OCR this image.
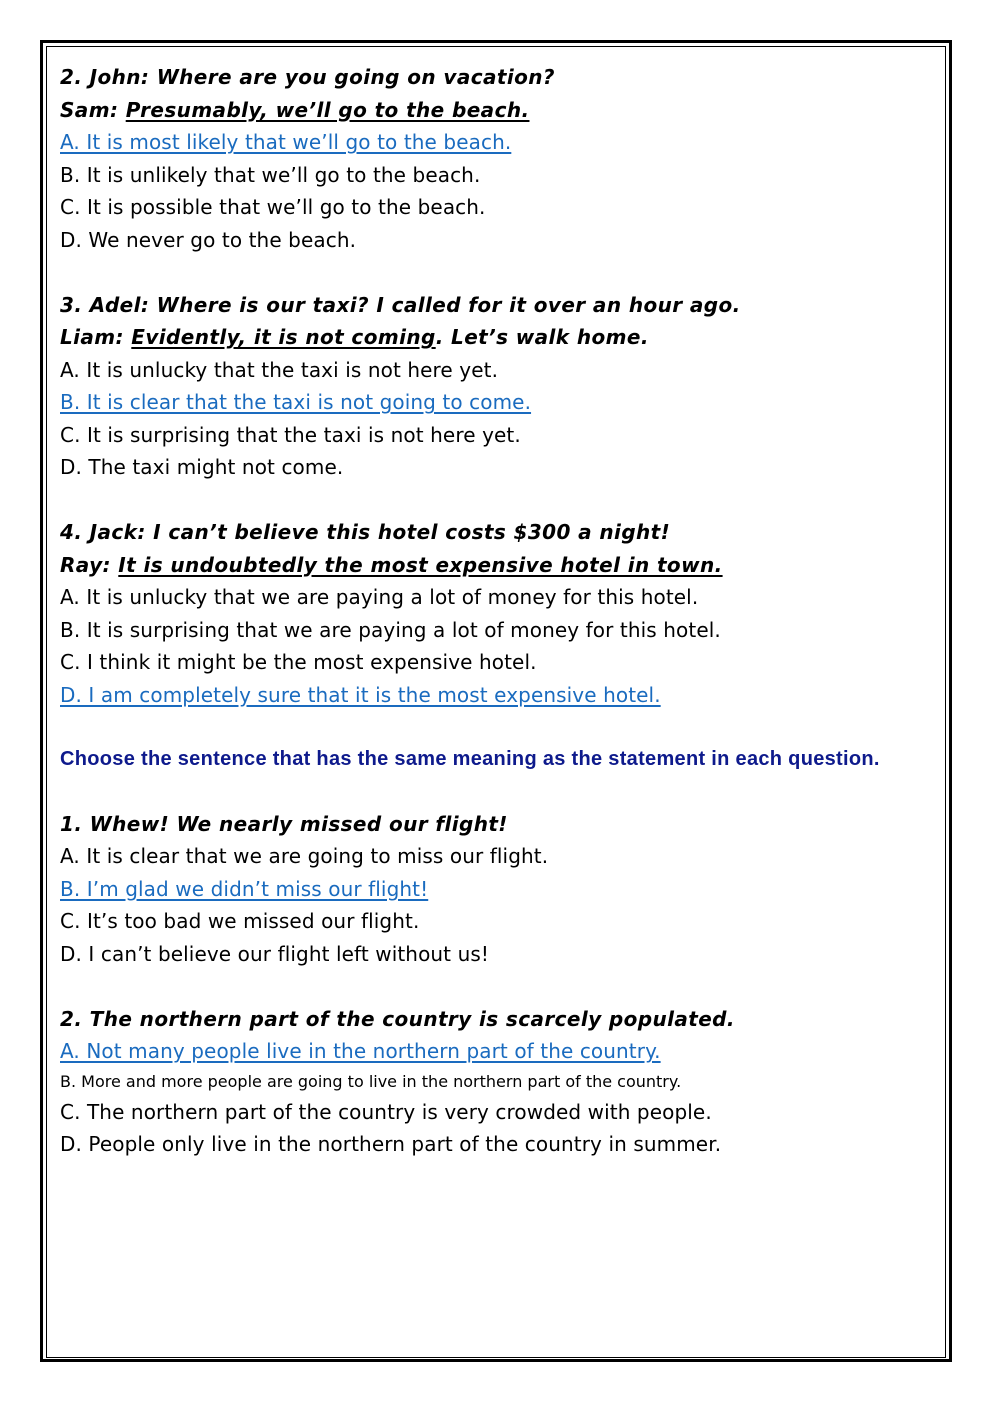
2. John: Where are you going on vacation?
Sam: Presumably, we’ll go to the beach.
A. It is most likely that we’ll go to the beach.
B. It is unlikely that we’ll go to the beach.
C. It is possible that we’ll go to the beach.
D. We never go to the beach.
3. Adel: Where is our taxi? I called for it over an hour ago.
Liam: Evidently, it is not coming. Let’s walk home.
A. It is unlucky that the taxi is not here yet.
B. It is clear that the taxi is not going to come.
C. It is surprising that the taxi is not here yet.
D. The taxi might not come.
4. Jack: I can’t believe this hotel costs $300 a night!
Ray: It is undoubtedly the most expensive hotel in town.
A. It is unlucky that we are paying a lot of money for this hotel.
B. It is surprising that we are paying a lot of money for this hotel.
C. I think it might be the most expensive hotel.
D. I am completely sure that it is the most expensive hotel.
Choose the sentence that has the same meaning as the statement in each question.
1. Whew! We nearly missed our flight!
A. It is clear that we are going to miss our flight.
B. I’m glad we didn’t miss our flight!
C. It’s too bad we missed our flight.
D. I can’t believe our flight left without us!
2. The northern part of the country is scarcely populated.
A. Not many people live in the northern part of the country.
B. More and more people are going to live in the northern part of the country.
C. The northern part of the country is very crowded with people.
D. People only live in the northern part of the country in summer.
